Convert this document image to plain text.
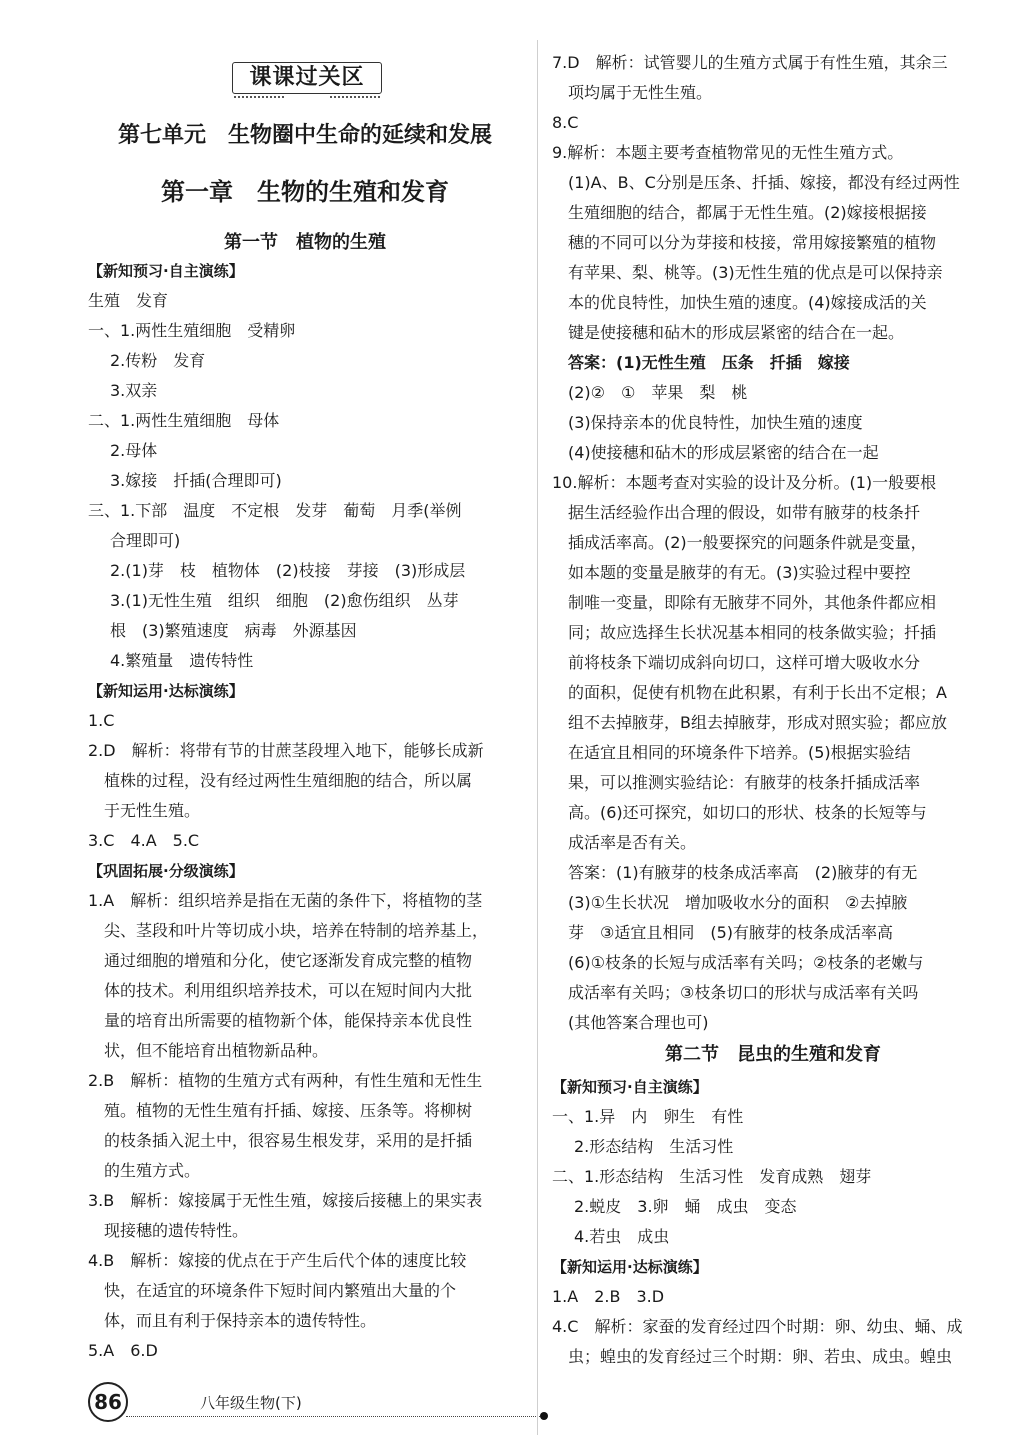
课课过关区
第七单元　生物圈中生命的延续和发展
第一章　生物的生殖和发育
第一节　植物的生殖
【新知预习·自主演练】
生殖　发育
一、1.两性生殖细胞　受精卵
2.传粉　发育
3.双亲
二、1.两性生殖细胞　母体
2.母体
3.嫁接　扦插(合理即可)
三、1.下部　温度　不定根　发芽　葡萄　月季(举例
合理即可)
2.(1)芽　枝　植物体　(2)枝接　芽接　(3)形成层
3.(1)无性生殖　组织　细胞　(2)愈伤组织　丛芽
根　(3)繁殖速度　病毒　外源基因
4.繁殖量　遗传特性
【新知运用·达标演练】
1.C
2.D　解析：将带有节的甘蔗茎段埋入地下，能够长成新
植株的过程，没有经过两性生殖细胞的结合，所以属
于无性生殖。
3.C　4.A　5.C
【巩固拓展·分级演练】
1.A　解析：组织培养是指在无菌的条件下，将植物的茎
尖、茎段和叶片等切成小块，培养在特制的培养基上，
通过细胞的增殖和分化，使它逐渐发育成完整的植物
体的技术。利用组织培养技术，可以在短时间内大批
量的培育出所需要的植物新个体，能保持亲本优良性
状，但不能培育出植物新品种。
2.B　解析：植物的生殖方式有两种，有性生殖和无性生
殖。植物的无性生殖有扦插、嫁接、压条等。将柳树
的枝条插入泥土中，很容易生根发芽，采用的是扦插
的生殖方式。
3.B　解析：嫁接属于无性生殖，嫁接后接穗上的果实表
现接穗的遗传特性。
4.B　解析：嫁接的优点在于产生后代个体的速度比较
快，在适宜的环境条件下短时间内繁殖出大量的个
体，而且有利于保持亲本的遗传特性。
5.A　6.D
86	八年级生物(下)
7.D　解析：试管婴儿的生殖方式属于有性生殖，其余三
项均属于无性生殖。
8.C
9.解析：本题主要考查植物常见的无性生殖方式。
(1)A、B、C分别是压条、扦插、嫁接，都没有经过两性
生殖细胞的结合，都属于无性生殖。(2)嫁接根据接
穗的不同可以分为芽接和枝接，常用嫁接繁殖的植物
有苹果、梨、桃等。(3)无性生殖的优点是可以保持亲
本的优良特性，加快生殖的速度。(4)嫁接成活的关
键是使接穗和砧木的形成层紧密的结合在一起。
答案：(1)无性生殖　压条　扦插　嫁接
(2)②　①　苹果　梨　桃
(3)保持亲本的优良特性，加快生殖的速度
(4)使接穗和砧木的形成层紧密的结合在一起
10.解析：本题考查对实验的设计及分析。(1)一般要根
据生活经验作出合理的假设，如带有腋芽的枝条扦
插成活率高。(2)一般要探究的问题条件就是变量，
如本题的变量是腋芽的有无。(3)实验过程中要控
制唯一变量，即除有无腋芽不同外，其他条件都应相
同；故应选择生长状况基本相同的枝条做实验；扦插
前将枝条下端切成斜向切口，这样可增大吸收水分
的面积，促使有机物在此积累，有利于长出不定根；A
组不去掉腋芽，B组去掉腋芽，形成对照实验；都应放
在适宜且相同的环境条件下培养。(5)根据实验结
果，可以推测实验结论：有腋芽的枝条扦插成活率
高。(6)还可探究，如切口的形状、枝条的长短等与
成活率是否有关。
答案：(1)有腋芽的枝条成活率高　(2)腋芽的有无
(3)①生长状况　增加吸收水分的面积　②去掉腋
芽　③适宜且相同　(5)有腋芽的枝条成活率高
(6)①枝条的长短与成活率有关吗；②枝条的老嫩与
成活率有关吗；③枝条切口的形状与成活率有关吗
(其他答案合理也可)
第二节　昆虫的生殖和发育
【新知预习·自主演练】
一、1.异　内　卵生　有性
2.形态结构　生活习性
二、1.形态结构　生活习性　发育成熟　翅芽
2.蜕皮　3.卵　蛹　成虫　变态
4.若虫　成虫
【新知运用·达标演练】
1.A　2.B　3.D
4.C　解析：家蚕的发育经过四个时期：卵、幼虫、蛹、成
虫；蝗虫的发育经过三个时期：卵、若虫、成虫。蝗虫
